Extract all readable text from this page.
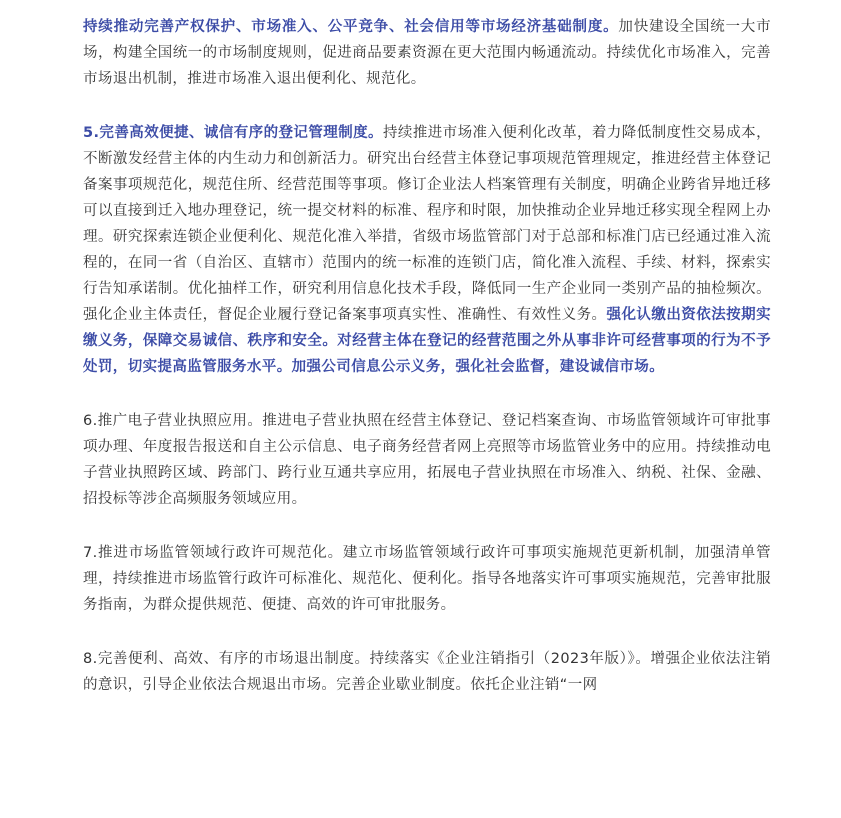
持续推动完善产权保护、市场准入、公平竞争、社会信用等市场经济基础制度。加快建设全国统一大市场，构建全国统一的市场制度规则，促进商品要素资源在更大范围内畅通流动。持续优化市场准入，完善市场退出机制，推进市场准入退出便利化、规范化。

5.完善高效便捷、诚信有序的登记管理制度。持续推进市场准入便利化改革，着力降低制度性交易成本，不断激发经营主体的内生动力和创新活力。研究出台经营主体登记事项规范管理规定，推进经营主体登记备案事项规范化，规范住所、经营范围等事项。修订企业法人档案管理有关制度，明确企业跨省异地迁移可以直接到迁入地办理登记，统一提交材料的标准、程序和时限，加快推动企业异地迁移实现全程网上办理。研究探索连锁企业便利化、规范化准入举措，省级市场监管部门对于总部和标准门店已经通过准入流程的，在同一省（自治区、直辖市）范围内的统一标准的连锁门店，简化准入流程、手续、材料，探索实行告知承诺制。优化抽样工作，研究利用信息化技术手段，降低同一生产企业同一类别产品的抽检频次。强化企业主体责任，督促企业履行登记备案事项真实性、准确性、有效性义务。强化认缴出资依法按期实缴义务，保障交易诚信、秩序和安全。对经营主体在登记的经营范围之外从事非许可经营事项的行为不予处罚，切实提高监管服务水平。加强公司信息公示义务，强化社会监督，建设诚信市场。

6.推广电子营业执照应用。推进电子营业执照在经营主体登记、登记档案查询、市场监管领域许可审批事项办理、年度报告报送和自主公示信息、电子商务经营者网上亮照等市场监管业务中的应用。持续推动电子营业执照跨区域、跨部门、跨行业互通共享应用，拓展电子营业执照在市场准入、纳税、社保、金融、招投标等涉企高频服务领域应用。

7.推进市场监管领域行政许可规范化。建立市场监管领域行政许可事项实施规范更新机制，加强清单管理，持续推进市场监管行政许可标准化、规范化、便利化。指导各地落实许可事项实施规范，完善审批服务指南，为群众提供规范、便捷、高效的许可审批服务。

8.完善便利、高效、有序的市场退出制度。持续落实《企业注销指引（2023年版）》。增强企业依法注销的意识，引导企业依法合规退出市场。完善企业歇业制度。依托企业注销“一网
